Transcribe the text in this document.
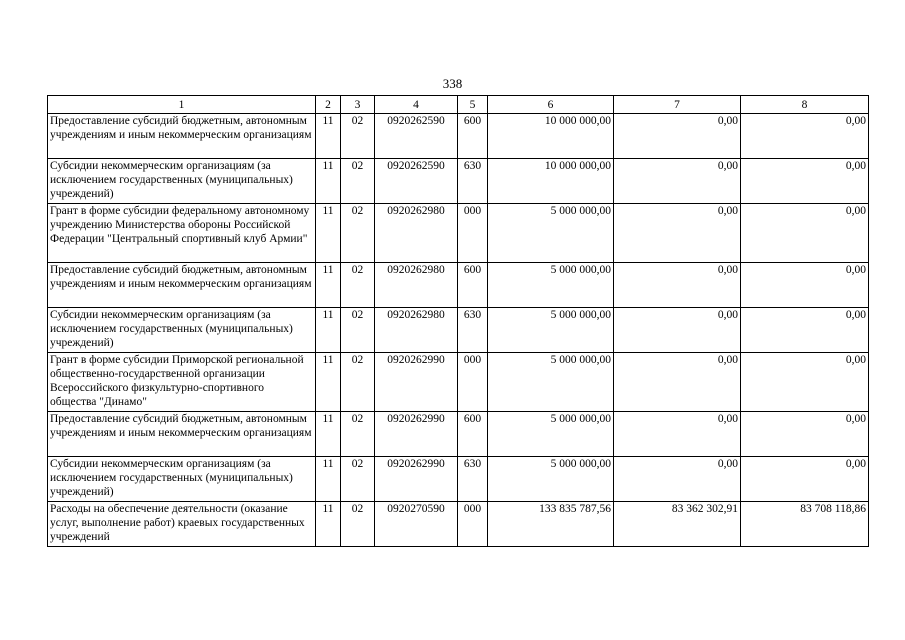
338
1	2	3	4	5	6	7	8
Предоставление субсидий бюджетным, автономным учреждениям и иным некоммерческим организациям	11	02	0920262590	600	10 000 000,00	0,00	0,00
Субсидии некоммерческим организациям (за исключением государственных (муниципальных) учреждений)	11	02	0920262590	630	10 000 000,00	0,00	0,00
Грант в форме субсидии федеральному автономному учреждению Министерства обороны Российской Федерации "Центральный спортивный клуб Армии"	11	02	0920262980	000	5 000 000,00	0,00	0,00
Предоставление субсидий бюджетным, автономным учреждениям и иным некоммерческим организациям	11	02	0920262980	600	5 000 000,00	0,00	0,00
Субсидии некоммерческим организациям (за исключением государственных (муниципальных) учреждений)	11	02	0920262980	630	5 000 000,00	0,00	0,00
Грант в форме субсидии Приморской региональной общественно-государственной организации Всероссийского физкультурно-спортивного общества "Динамо"	11	02	0920262990	000	5 000 000,00	0,00	0,00
Предоставление субсидий бюджетным, автономным учреждениям и иным некоммерческим организациям	11	02	0920262990	600	5 000 000,00	0,00	0,00
Субсидии некоммерческим организациям (за исключением государственных (муниципальных) учреждений)	11	02	0920262990	630	5 000 000,00	0,00	0,00
Расходы на обеспечение деятельности (оказание услуг, выполнение работ) краевых государственных учреждений	11	02	0920270590	000	133 835 787,56	83 362 302,91	83 708 118,86
